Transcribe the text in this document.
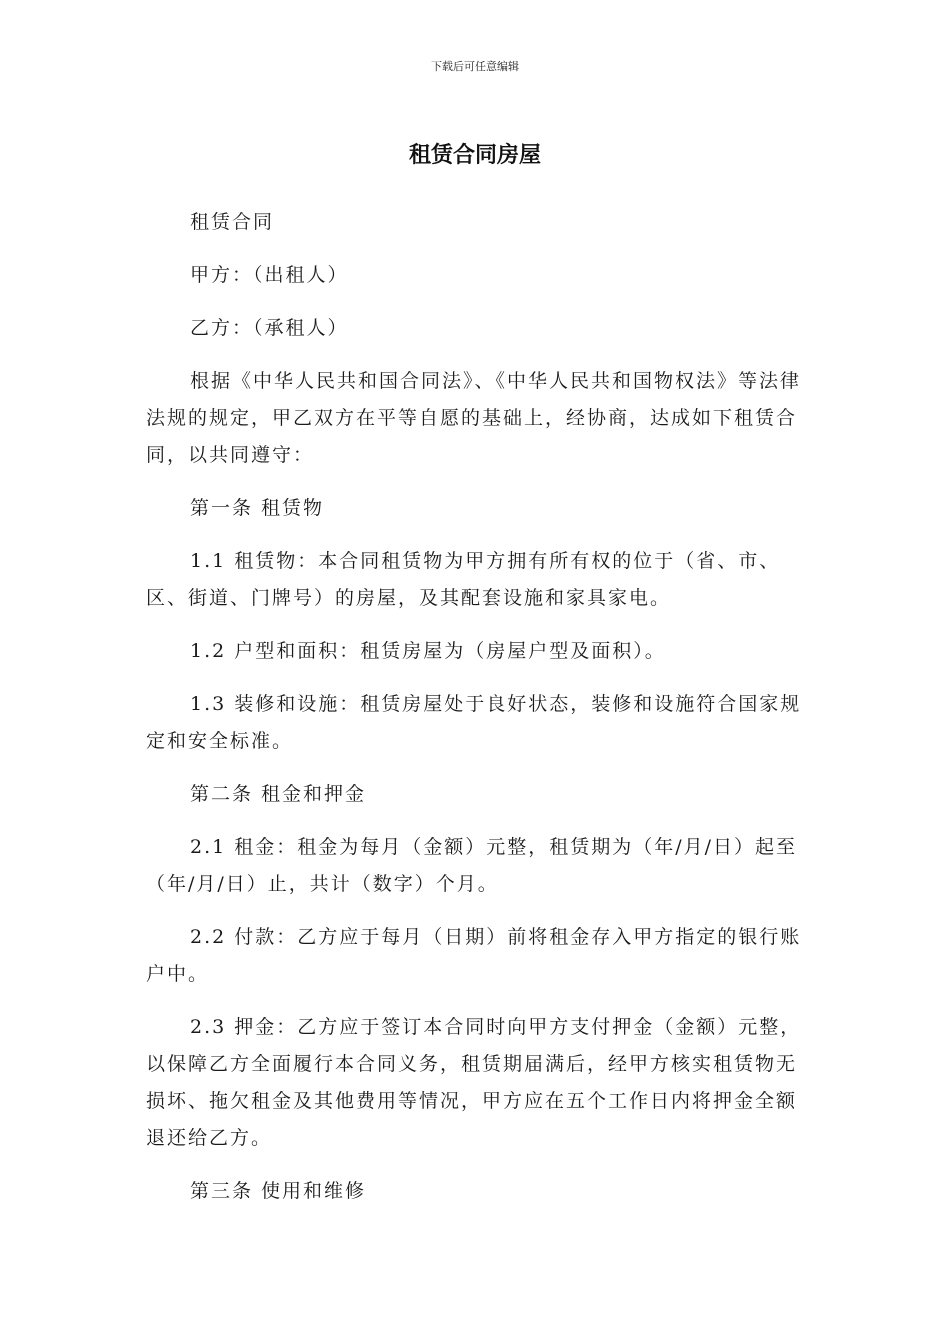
下载后可任意编辑
租赁合同房屋

租赁合同

甲方：（出租人）

乙方：（承租人）

根据《中华人民共和国合同法》、《中华人民共和国物权法》等法律法规的规定，甲乙双方在平等自愿的基础上，经协商，达成如下租赁合同，以共同遵守：

第一条 租赁物

1.1 租赁物：本合同租赁物为甲方拥有所有权的位于（省、市、区、街道、门牌号）的房屋，及其配套设施和家具家电。

1.2 户型和面积：租赁房屋为（房屋户型及面积）。

1.3 装修和设施：租赁房屋处于良好状态，装修和设施符合国家规定和安全标准。

第二条 租金和押金

2.1 租金：租金为每月（金额）元整，租赁期为（年/月/日）起至（年/月/日）止，共计（数字）个月。

2.2 付款：乙方应于每月（日期）前将租金存入甲方指定的银行账户中。

2.3 押金：乙方应于签订本合同时向甲方支付押金（金额）元整，以保障乙方全面履行本合同义务，租赁期届满后，经甲方核实租赁物无损坏、拖欠租金及其他费用等情况，甲方应在五个工作日内将押金全额退还给乙方。

第三条 使用和维修
